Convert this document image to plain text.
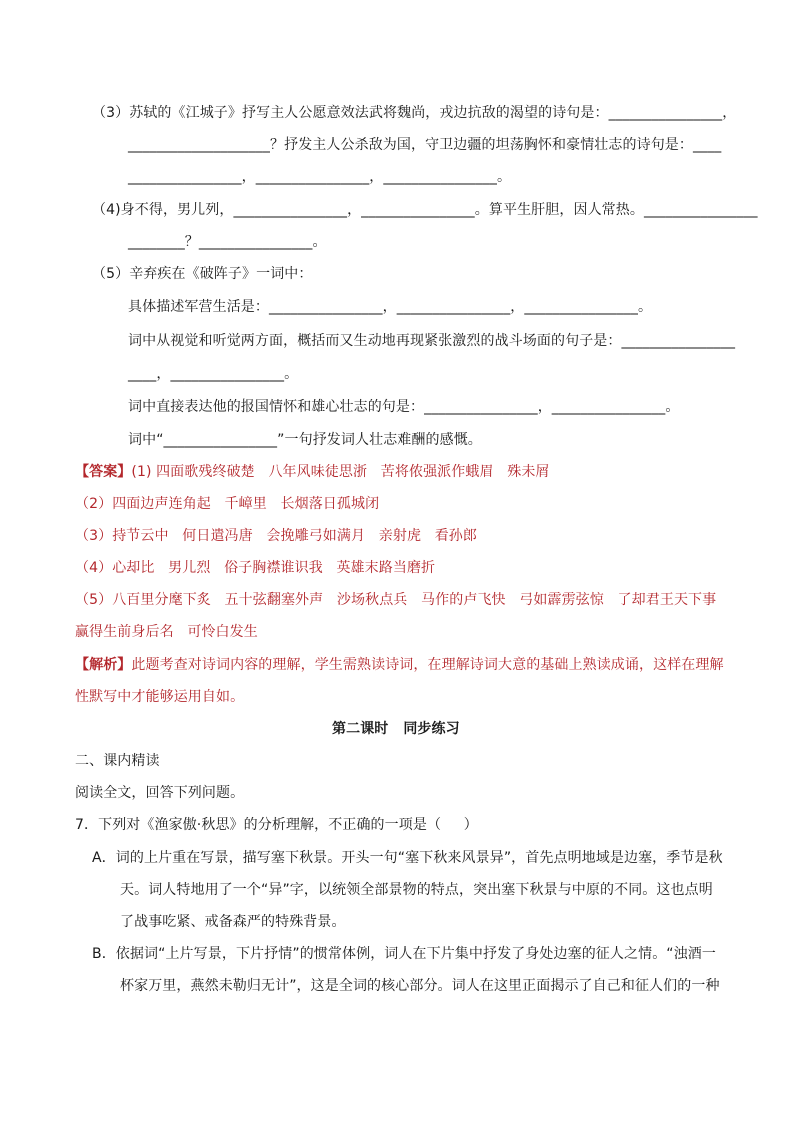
（3）苏轼的《江城子》抒写主人公愿意效法武将魏尚，戎边抗敌的渴望的诗句是：________________，
____________________？抒发主人公杀敌为国，守卫边疆的坦荡胸怀和豪情壮志的诗句是：____
________________，________________，________________。
（4)身不得，男儿列，________________，________________。算平生肝胆，因人常热。________________
________？________________。
（5）辛弃疾在《破阵子》一词中：
具体描述军营生活是：________________，________________，________________。
词中从视觉和听觉两方面，概括而又生动地再现紧张激烈的战斗场面的句子是：________________
____，________________。
词中直接表达他的报国情怀和雄心壮志的句是：________________，________________。
词中“________________”一句抒发词人壮志难酬的感慨。
【答案】(1) 四面歌残终破楚   八年风味徒思浙   苦将侬强派作蛾眉   殊未屑
（2）四面边声连角起   千嶂里   长烟落日孤城闭
（3）持节云中   何日遣冯唐   会挽雕弓如满月   亲射虎   看孙郎
（4）心却比   男儿烈   俗子胸襟谁识我   英雄末路当磨折
（5）八百里分麾下炙   五十弦翻塞外声   沙场秋点兵   马作的卢飞快   弓如霹雳弦惊   了却君王天下事
赢得生前身后名   可怜白发生
【解析】此题考查对诗词内容的理解，学生需熟读诗词，在理解诗词大意的基础上熟读成诵，这样在理解
性默写中才能够运用自如。
第二课时   同步练习
二、课内精读
阅读全文，回答下列问题。
7．下列对《渔家傲·秋思》的分析理解，不正确的一项是（     ）
A．词的上片重在写景，描写塞下秋景。开头一句“塞下秋来风景异”，首先点明地域是边塞，季节是秋
天。词人特地用了一个“异”字，以统领全部景物的特点，突出塞下秋景与中原的不同。这也点明
了战事吃紧、戒备森严的特殊背景。
B．依据词“上片写景，下片抒情”的惯常体例，词人在下片集中抒发了身处边塞的征人之情。“浊酒一
杯家万里，燕然未勒归无计”，这是全词的核心部分。词人在这里正面揭示了自己和征人们的一种
